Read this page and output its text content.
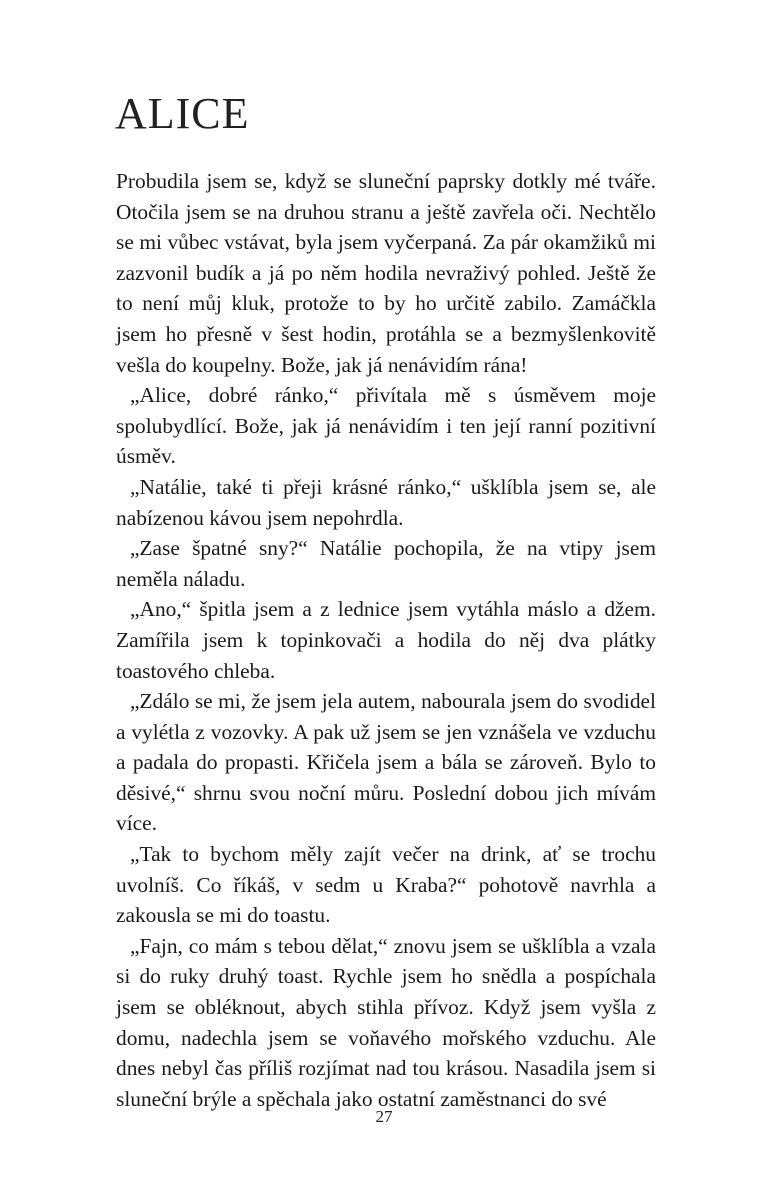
ALICE

Probudila jsem se, když se sluneční paprsky dotkly mé tváře. Otočila jsem se na druhou stranu a ještě zavřela oči. Nechtělo se mi vůbec vstávat, byla jsem vyčerpaná. Za pár okamžiků mi zazvonil budík a já po něm hodila nevraživý pohled. Ještě že to není můj kluk, protože to by ho určitě zabilo. Zamáčkla jsem ho přesně v šest hodin, protáhla se a bezmyšlenkovitě vešla do koupelny. Bože, jak já nenávidím rána!

„Alice, dobré ránko,“ přivítala mě s úsměvem moje spolubydlící. Bože, jak já nenávidím i ten její ranní pozitivní úsměv.

„Natálie, také ti přeji krásné ránko,“ ušklíbla jsem se, ale nabízenou kávou jsem nepohrdla.

„Zase špatné sny?“ Natálie pochopila, že na vtipy jsem neměla náladu.

„Ano,“ špitla jsem a z lednice jsem vytáhla máslo a džem. Zamířila jsem k topinkovači a hodila do něj dva plátky toastového chleba.

„Zdálo se mi, že jsem jela autem, nabourala jsem do svodidel a vylétla z vozovky. A pak už jsem se jen vznášela ve vzduchu a padala do propasti. Křičela jsem a bála se zároveň. Bylo to děsivé,“ shrnu svou noční můru. Poslední dobou jich mívám více.

„Tak to bychom měly zajít večer na drink, ať se trochu uvolníš. Co říkáš, v sedm u Kraba?“ pohotově navrhla a zakousla se mi do toastu.

„Fajn, co mám s tebou dělat,“ znovu jsem se ušklíbla a vzala si do ruky druhý toast. Rychle jsem ho snědla a pospíchala jsem se obléknout, abych stihla přívoz. Když jsem vyšla z domu, nadechla jsem se voňavého mořského vzduchu. Ale dnes nebyl čas příliš rozjímat nad tou krásou. Nasadila jsem si sluneční brýle a spěchala jako ostatní zaměstnanci do své

27
